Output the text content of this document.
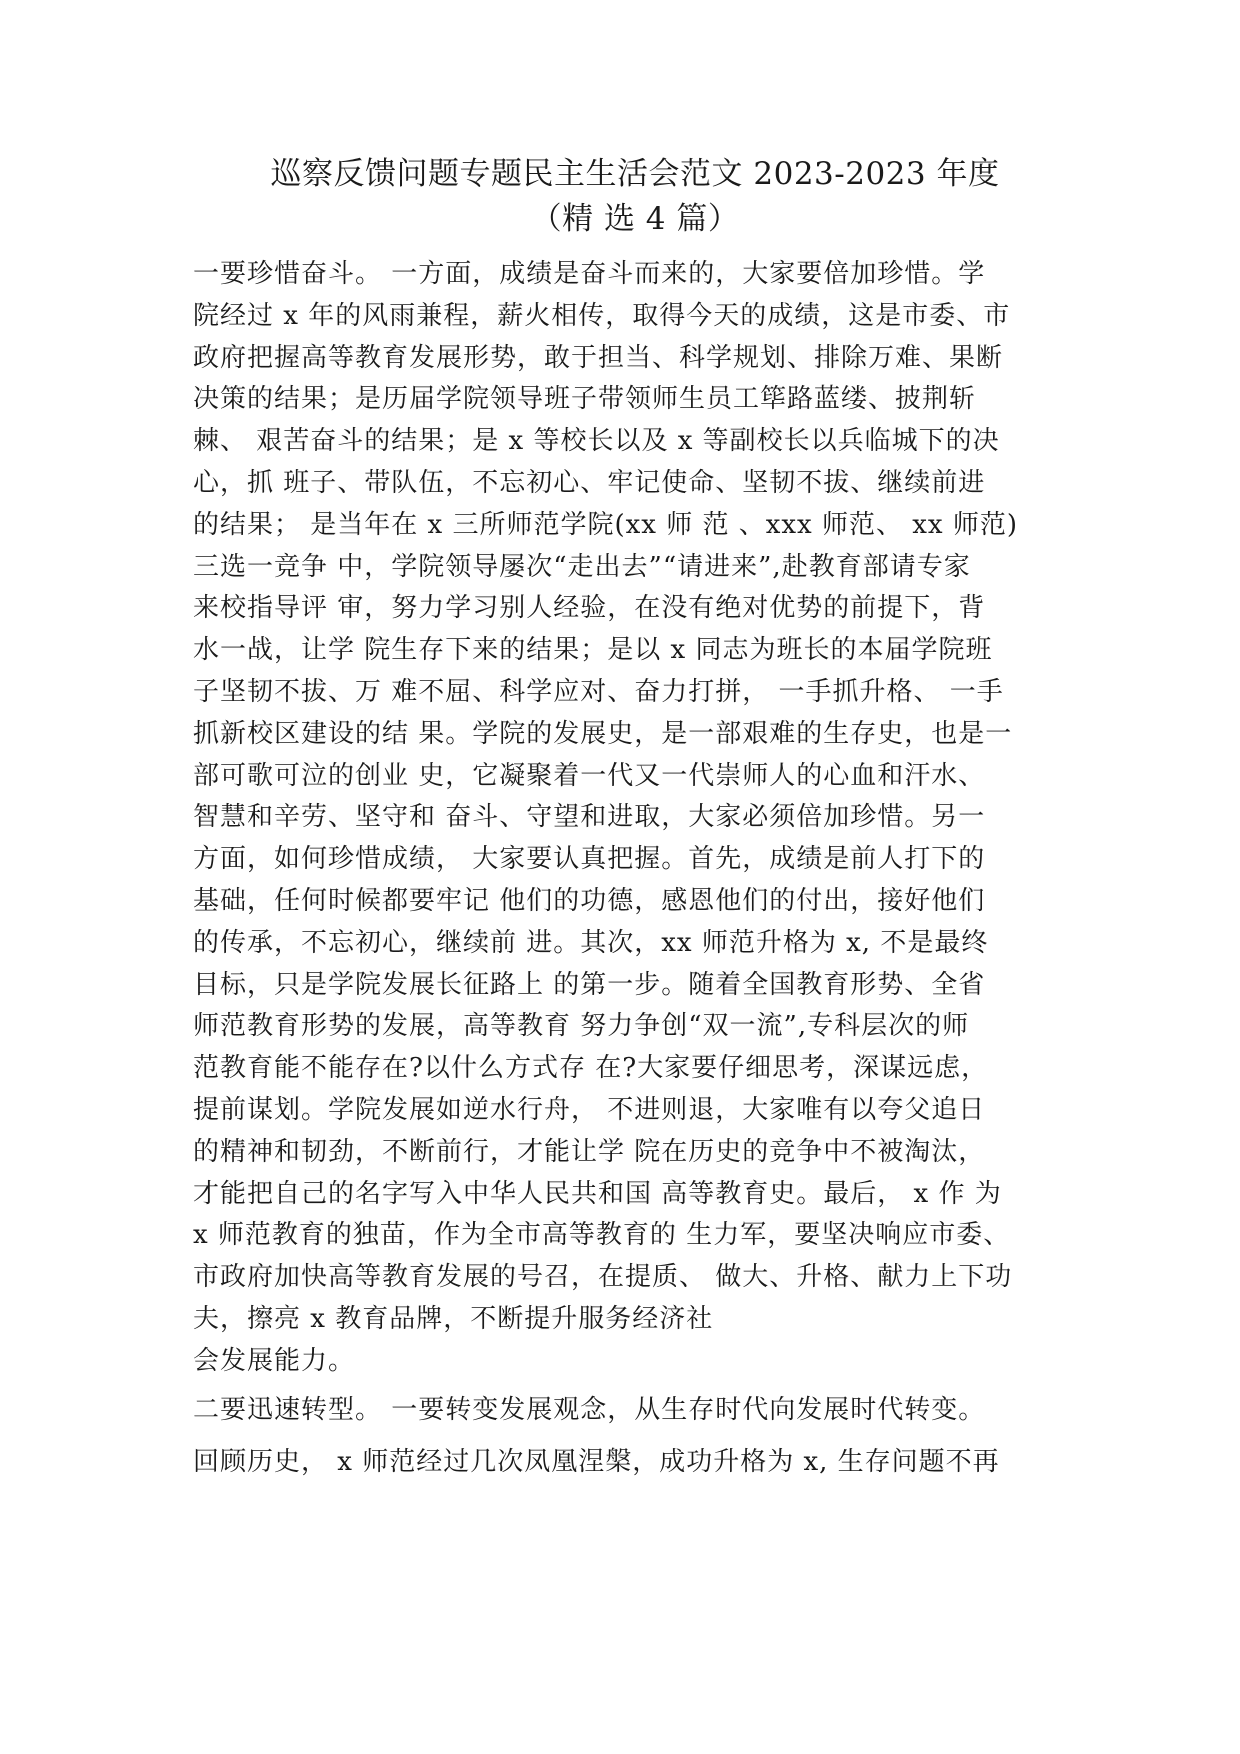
巡察反馈问题专题民主生活会范文 2023-2023 年度
（精 选 4 篇）
一要珍惜奋斗。 一方面，成绩是奋斗而来的，大家要倍加珍惜。学
院经过 x 年的风雨兼程，薪火相传，取得今天的成绩，这是市委、市
政府把握高等教育发展形势，敢于担当、科学规划、排除万难、果断
决策的结果；是历届学院领导班子带领师生员工筚路蓝缕、披荆斩
棘、 艰苦奋斗的结果；是 x 等校长以及 x 等副校长以兵临城下的决
心，抓 班子、带队伍，不忘初心、牢记使命、坚韧不拔、继续前进
的结果； 是当年在 x 三所师范学院(xx 师 范 、xxx 师范、 xx 师范)
三选一竞争 中，学院领导屡次“走出去”“请进来”,赴教育部请专家
来校指导评 审，努力学习别人经验，在没有绝对优势的前提下，背
水一战，让学 院生存下来的结果；是以 x 同志为班长的本届学院班
子坚韧不拔、万 难不屈、科学应对、奋力打拼， 一手抓升格、 一手
抓新校区建设的结 果。学院的发展史，是一部艰难的生存史，也是一
部可歌可泣的创业 史，它凝聚着一代又一代崇师人的心血和汗水、
智慧和辛劳、坚守和 奋斗、守望和进取，大家必须倍加珍惜。另一
方面，如何珍惜成绩， 大家要认真把握。首先，成绩是前人打下的
基础，任何时候都要牢记 他们的功德，感恩他们的付出，接好他们
的传承，不忘初心，继续前 进。其次，xx 师范升格为 x, 不是最终
目标，只是学院发展长征路上 的第一步。随着全国教育形势、全省
师范教育形势的发展，高等教育 努力争创“双一流”,专科层次的师
范教育能不能存在?以什么方式存 在?大家要仔细思考，深谋远虑，
提前谋划。学院发展如逆水行舟， 不进则退，大家唯有以夸父追日
的精神和韧劲，不断前行，才能让学 院在历史的竞争中不被淘汰，
才能把自己的名字写入中华人民共和国 高等教育史。最后， x 作 为
x 师范教育的独苗，作为全市高等教育的 生力军，要坚决响应市委、
市政府加快高等教育发展的号召，在提质、 做大、升格、献力上下功
夫，擦亮 x 教育品牌，不断提升服务经济社
会发展能力。
二要迅速转型。 一要转变发展观念，从生存时代向发展时代转变。
回顾历史， x 师范经过几次凤凰涅槃，成功升格为 x, 生存问题不再
